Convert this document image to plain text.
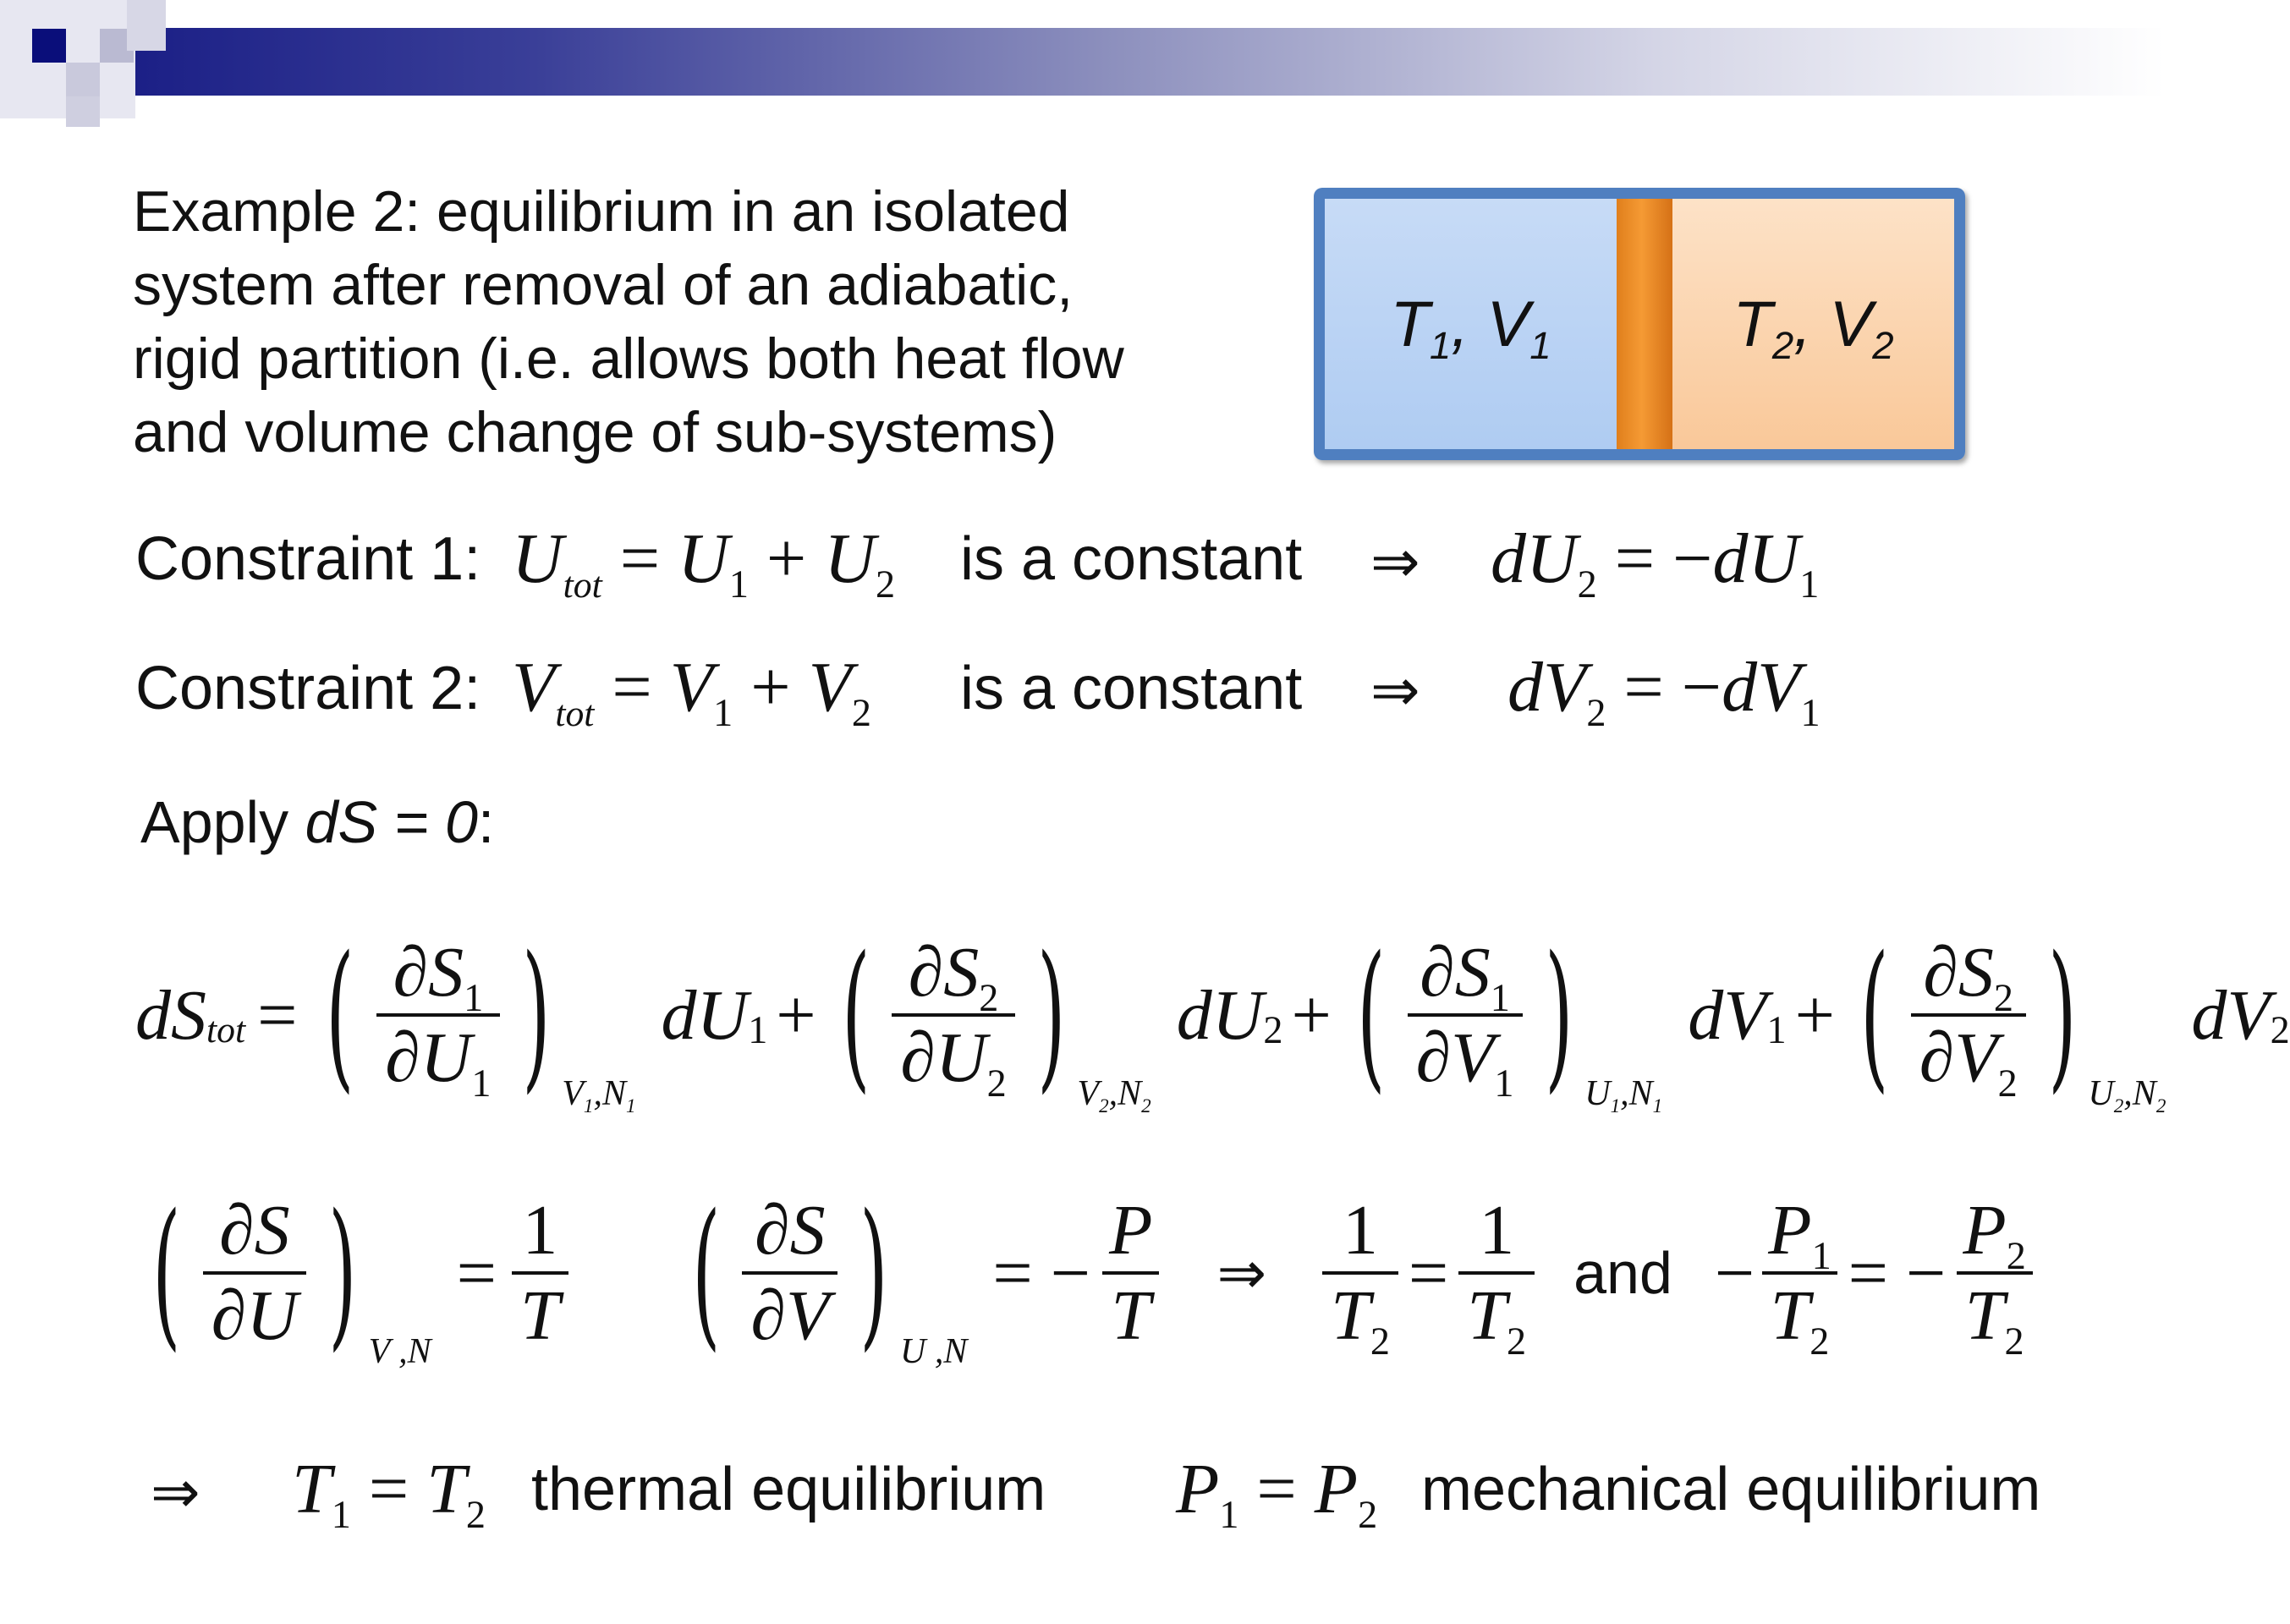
Example 2: equilibrium in an isolated
system after removal of an adiabatic,
rigid partition (i.e. allows both heat flow
and volume change of sub-systems)
$T_1$, $V_1$	$T_2$, $V_2$
Constraint 1: $U_{tot} = U_1 + U_2$ is a constant ⇒ $dU_2 = -dU_1$
Constraint 2: $V_{tot} = V_1 + V_2$ is a constant ⇒ $dV_2 = -dV_1$
Apply dS = 0:
dS tot = ( $\frac{\partial S_1}{\partial U_1}$ ) $V_1,N_1$
dU 1 + ( $\frac{\partial S_2}{\partial U_2}$ ) $V_2,N_2$
dU 2 + ( $\frac{\partial S_1}{\partial V_1}$ ) $U_1,N_1$
dV 1 + ( $\frac{\partial S_2}{\partial V_2}$ ) $U_2,N_2$
dV 2
( $\frac{\partial S}{\partial U}$ ) V ,N
= $\frac{1}{T}$ ( $\frac{\partial S}{\partial V}$ ) U ,N
= − $\frac{P}{T}$ ⇒ $\frac{1}{T_2} = \frac{1}{T_2}$ and − $\frac{P_1}{T_2}$ = − $\frac{P_2}{T_2}$
⇒ $T_1 = T_2$ thermal equilibrium $P_1 = P_2$ mechanical equilibrium
